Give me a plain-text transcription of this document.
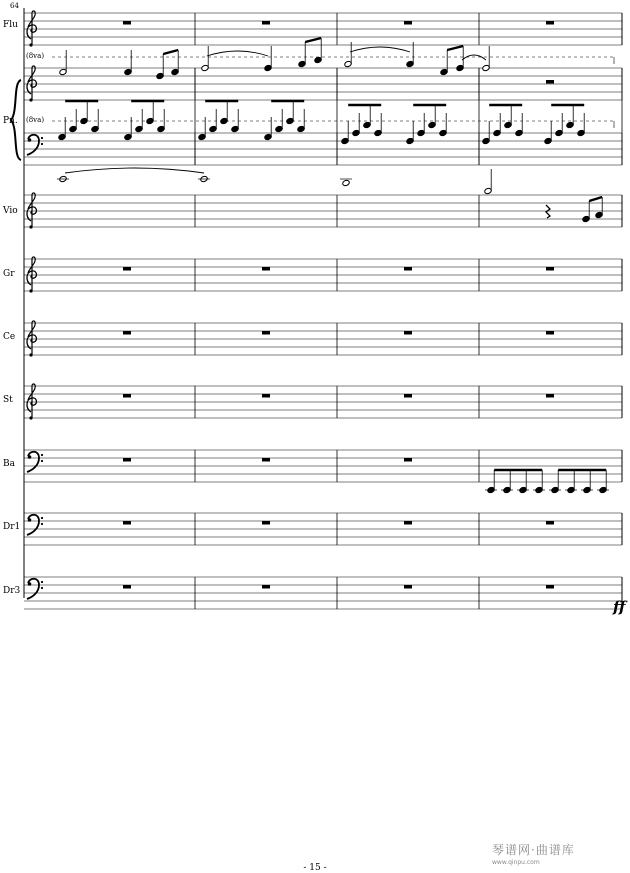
64
Flu
Pn.
Vio
Gr
Ce
St
Ba
Dr1
Dr3
(8va)
(8va)
ff
- 15 -
琴谱网·曲谱库
www.qinpu.com
